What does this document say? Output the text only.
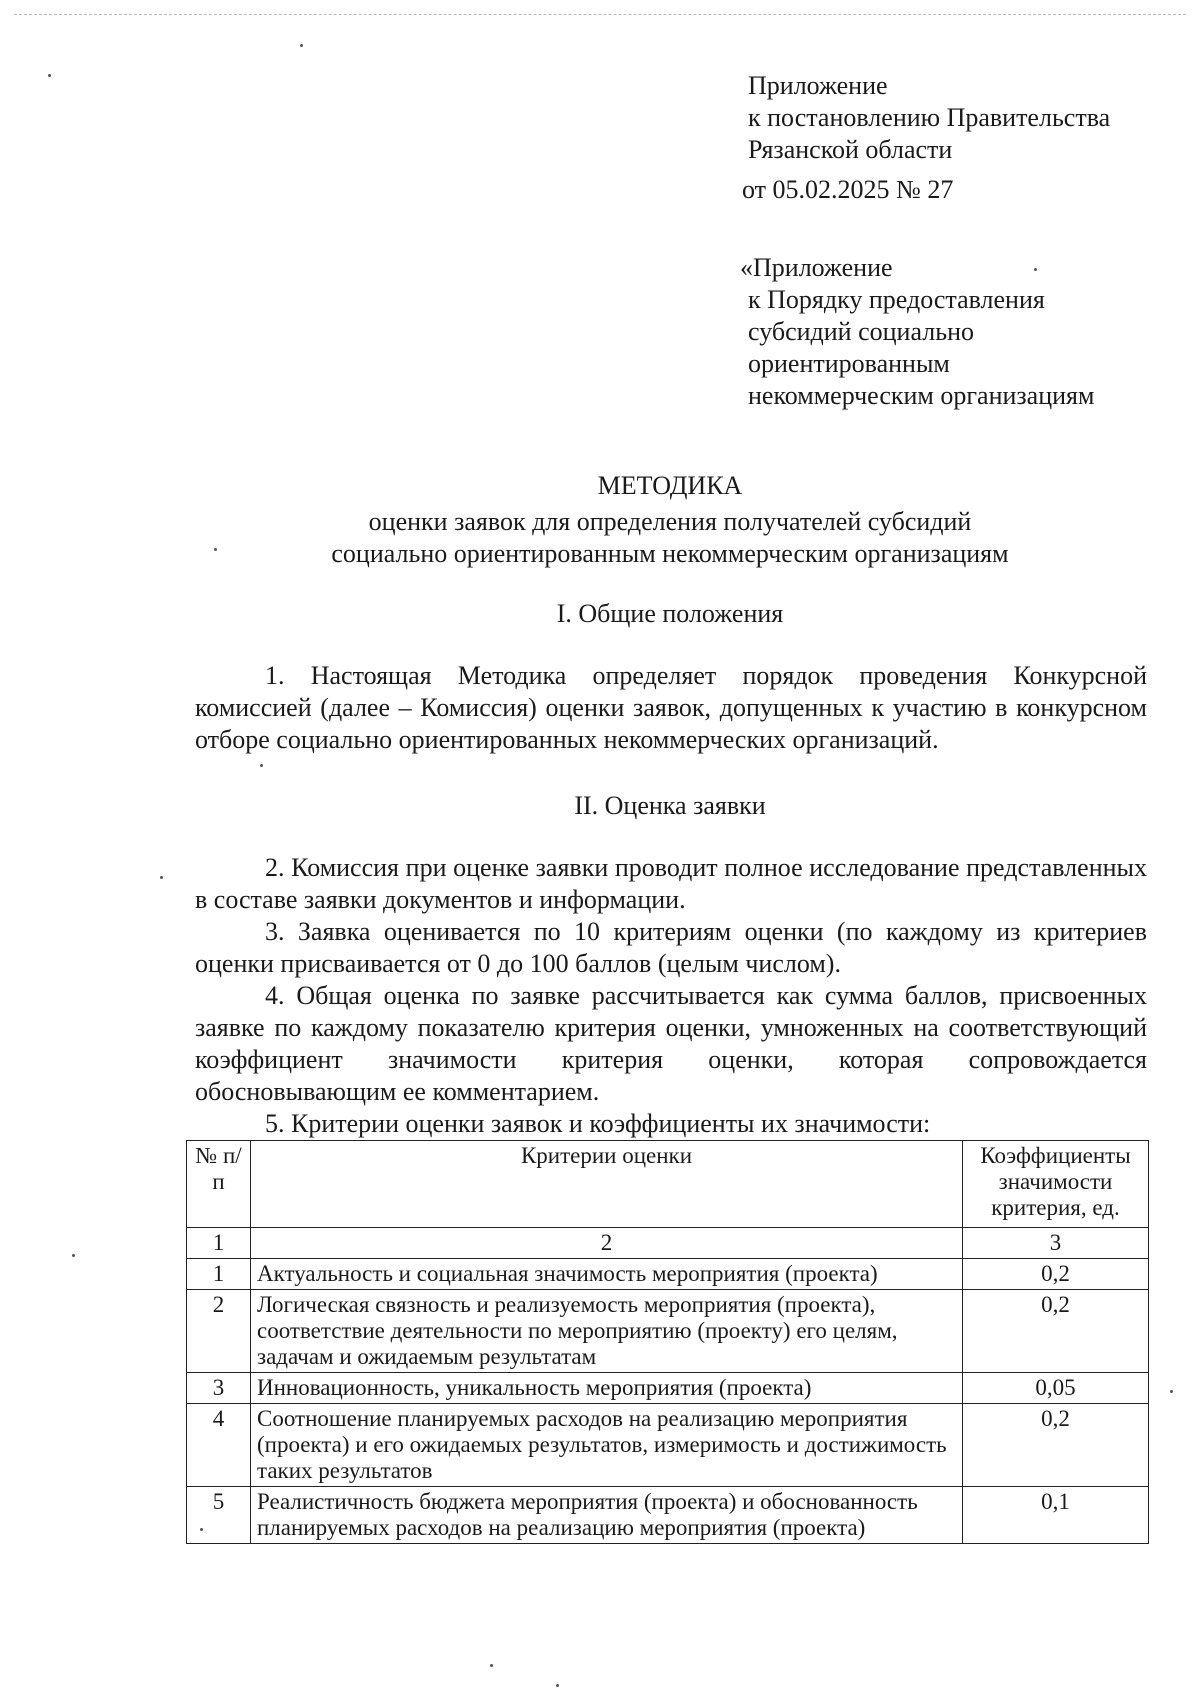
Приложение
к постановлению Правительства
Рязанской области
от 05.02.2025 № 27
«Приложение
к Порядку предоставления
субсидий социально
ориентированным
некоммерческим организациям
МЕТОДИКА
оценки заявок для определения получателей субсидий
социально ориентированным некоммерческим организациям
I. Общие положения
1. Настоящая Методика определяет порядок проведения Конкурсной комиссией (далее – Комиссия) оценки заявок, допущенных к участию в конкурсном отборе социально ориентированных некоммерческих организаций.
II. Оценка заявки
2. Комиссия при оценке заявки проводит полное исследование представленных в составе заявки документов и информации.
3. Заявка оценивается по 10 критериям оценки (по каждому из критериев оценки присваивается от 0 до 100 баллов (целым числом).
4. Общая оценка по заявке рассчитывается как сумма баллов, присвоенных заявке по каждому показателю критерия оценки, умноженных на соответствующий коэффициент значимости критерия оценки, которая сопровождается обосновывающим ее комментарием.
5. Критерии оценки заявок и коэффициенты их значимости:
№ п/п	Критерии оценки	Коэффициенты значимости критерия, ед.
1	2	3
1	Актуальность и социальная значимость мероприятия (проекта)	0,2
2	Логическая связность и реализуемость мероприятия (проекта), соответствие деятельности по мероприятию (проекту) его целям, задачам и ожидаемым результатам	0,2
3	Инновационность, уникальность мероприятия (проекта)	0,05
4	Соотношение планируемых расходов на реализацию мероприятия (проекта) и его ожидаемых результатов, измеримость и достижимость таких результатов	0,2
5	Реалистичность бюджета мероприятия (проекта) и обоснованность планируемых расходов на реализацию мероприятия (проекта)	0,1
